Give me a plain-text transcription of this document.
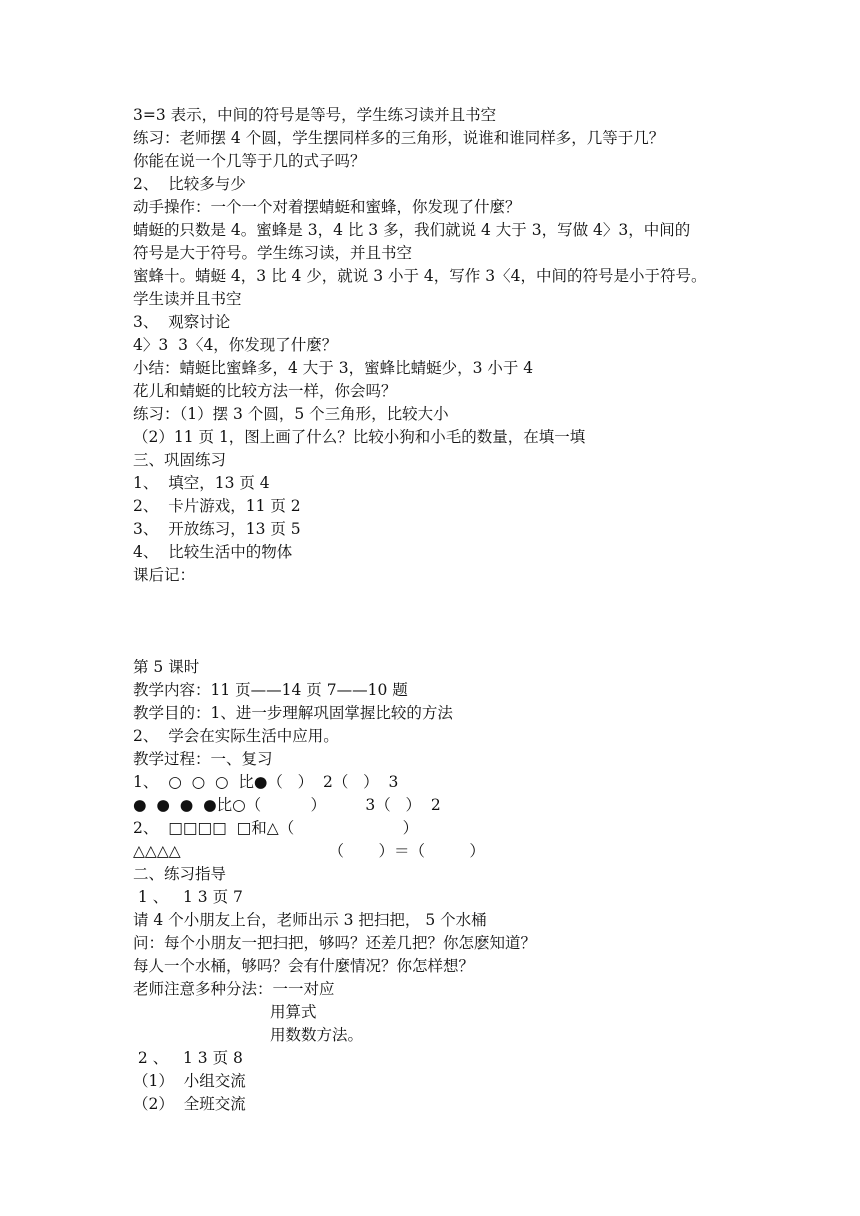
3=3 表示，中间的符号是等号，学生练习读并且书空
练习：老师摆 4 个圆，学生摆同样多的三角形，说谁和谁同样多，几等于几？
你能在说一个几等于几的式子吗？
2、  比较多与少
动手操作：一个一个对着摆蜻蜓和蜜蜂，你发现了什麼？
蜻蜓的只数是 4。蜜蜂是 3，4 比 3 多，我们就说 4 大于 3，写做 4〉3，中间的
符号是大于符号。学生练习读，并且书空
蜜蜂十。蜻蜓 4，3 比 4 少，就说 3 小于 4，写作 3〈4，中间的符号是小于符号。
学生读并且书空
3、  观察讨论
4〉3  3〈4，你发现了什麼？
小结：蜻蜓比蜜蜂多，4 大于 3，蜜蜂比蜻蜓少，3 小于 4
花儿和蜻蜓的比较方法一样，你会吗？
练习：（1）摆 3 个圆，5 个三角形，比较大小
（2）11 页 1，图上画了什么？比较小狗和小毛的数量，在填一填
三、巩固练习
1、  填空，13 页 4
2、  卡片游戏，11 页 2
3、  开放练习，13 页 5
4、  比较生活中的物体
课后记：
第 5 课时
教学内容：11 页——14 页 7——10 题
教学目的：1、进一步理解巩固掌握比较的方法
2、  学会在实际生活中应用。
教学过程：一、复习
1、  ○  ○  ○  比●（   ）  2（   ）  3
●  ●  ●  ●比○（          ）        3（   ）  2
2、  □□□□  □和△（                      ）
△△△△                              （       ）＝（         ）
二、练习指导
1 、   1 3 页 7
请 4 个小朋友上台，老师出示 3 把扫把， 5 个水桶
问：每个小朋友一把扫把，够吗？还差几把？你怎麽知道？
每人一个水桶，够吗？会有什麼情况？你怎样想？
老师注意多种分法：一一对应
用算式
用数数方法。
2 、   1 3 页 8
（1）  小组交流
（2）  全班交流
